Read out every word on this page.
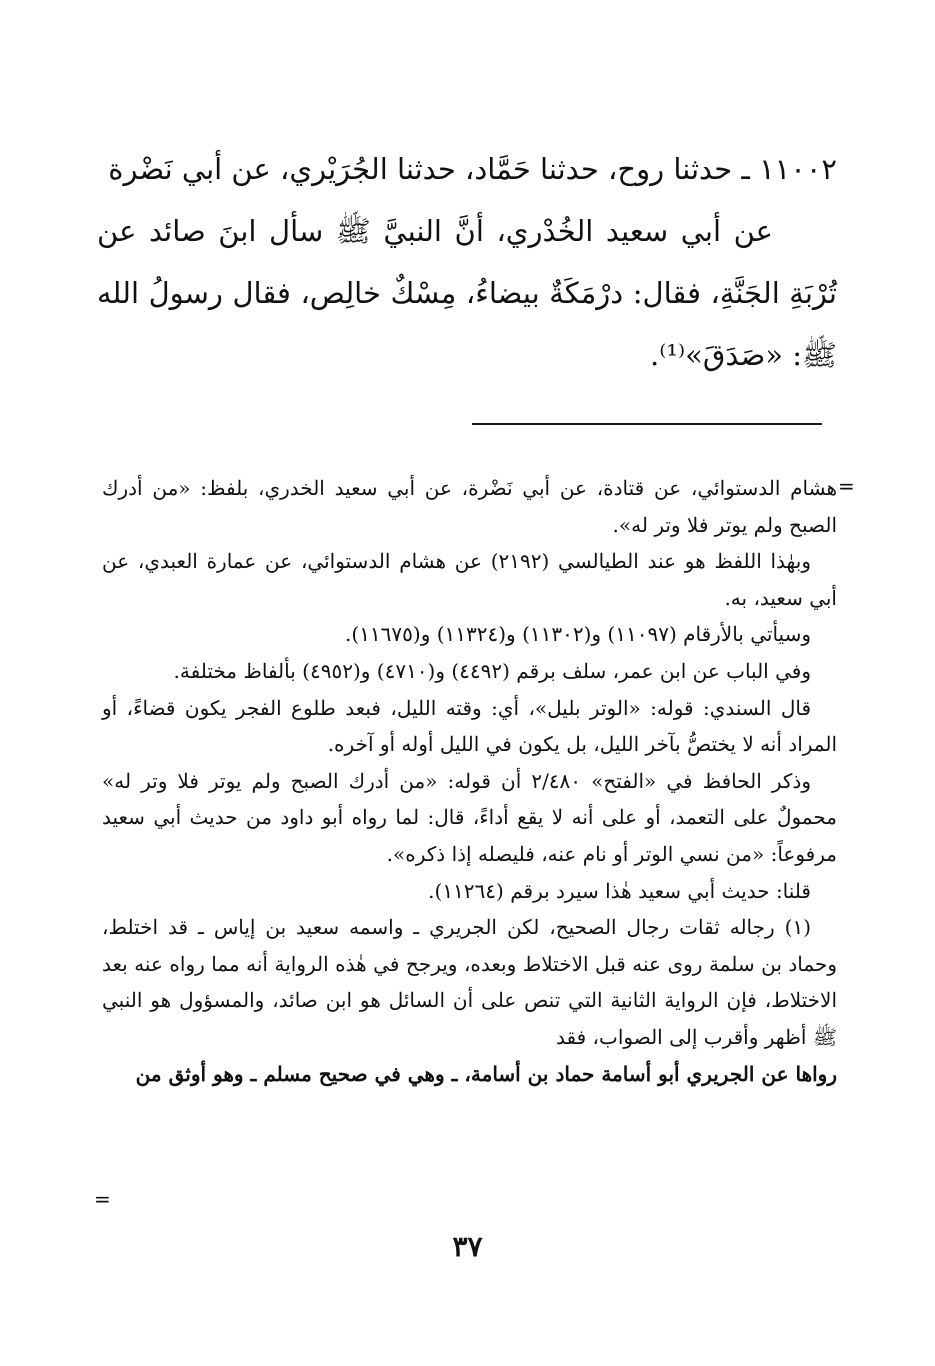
١١٠٠٢ ـ حدثنا روح، حدثنا حَمَّاد، حدثنا الجُرَيْري، عن أبي نَضْرة

عن أبي سعيد الخُدْري، أنَّ النبيَّ ﷺ سأل ابنَ صائد عن تُرْبَةِ الجَنَّةِ، فقال: درْمَكَةٌ بيضاءُ، مِسْكٌ خالِص، فقال رسولُ الله ﷺ: «صَدَقَ»⁽¹⁾.

=

هشام الدستوائي، عن قتادة، عن أبي نَضْرة، عن أبي سعيد الخدري، بلفظ: «من أدرك الصبح ولم يوتر فلا وتر له».

وبهٰذا اللفظ هو عند الطيالسي (٢١٩٢) عن هشام الدستوائي، عن عمارة العبدي، عن أبي سعيد، به.

وسيأتي بالأرقام (١١٠٩٧) و(١١٣٠٢) و(١١٣٢٤) و(١١٦٧٥).

وفي الباب عن ابن عمر، سلف برقم (٤٤٩٢) و(٤٧١٠) و(٤٩٥٢) بألفاظ مختلفة.

قال السندي: قوله: «الوتر بليل»، أي: وقته الليل، فبعد طلوع الفجر يكون قضاءً، أو المراد أنه لا يختصُّ بآخر الليل، بل يكون في الليل أوله أو آخره.

وذكر الحافظ في «الفتح» ٢/٤٨٠ أن قوله: «من أدرك الصبح ولم يوتر فلا وتر له» محمولٌ على التعمد، أو على أنه لا يقع أداءً، قال: لما رواه أبو داود من حديث أبي سعيد مرفوعاً: «من نسي الوتر أو نام عنه، فليصله إذا ذكره».

قلنا: حديث أبي سعيد هٰذا سيرد برقم (١١٢٦٤).

(١) رجاله ثقات رجال الصحيح، لكن الجريري ـ واسمه سعيد بن إياس ـ قد اختلط، وحماد بن سلمة روى عنه قبل الاختلاط وبعده، ويرجح في هٰذه الرواية أنه مما رواه عنه بعد الاختلاط، فإن الرواية الثانية التي تنص على أن السائل هو ابن صائد، والمسؤول هو النبي ﷺ أظهر وأقرب إلى الصواب، فقد

رواها عن الجريري أبو أسامة حماد بن أسامة، ـ وهي في صحيح مسلم ـ وهو أوثق من

=
٣٧
